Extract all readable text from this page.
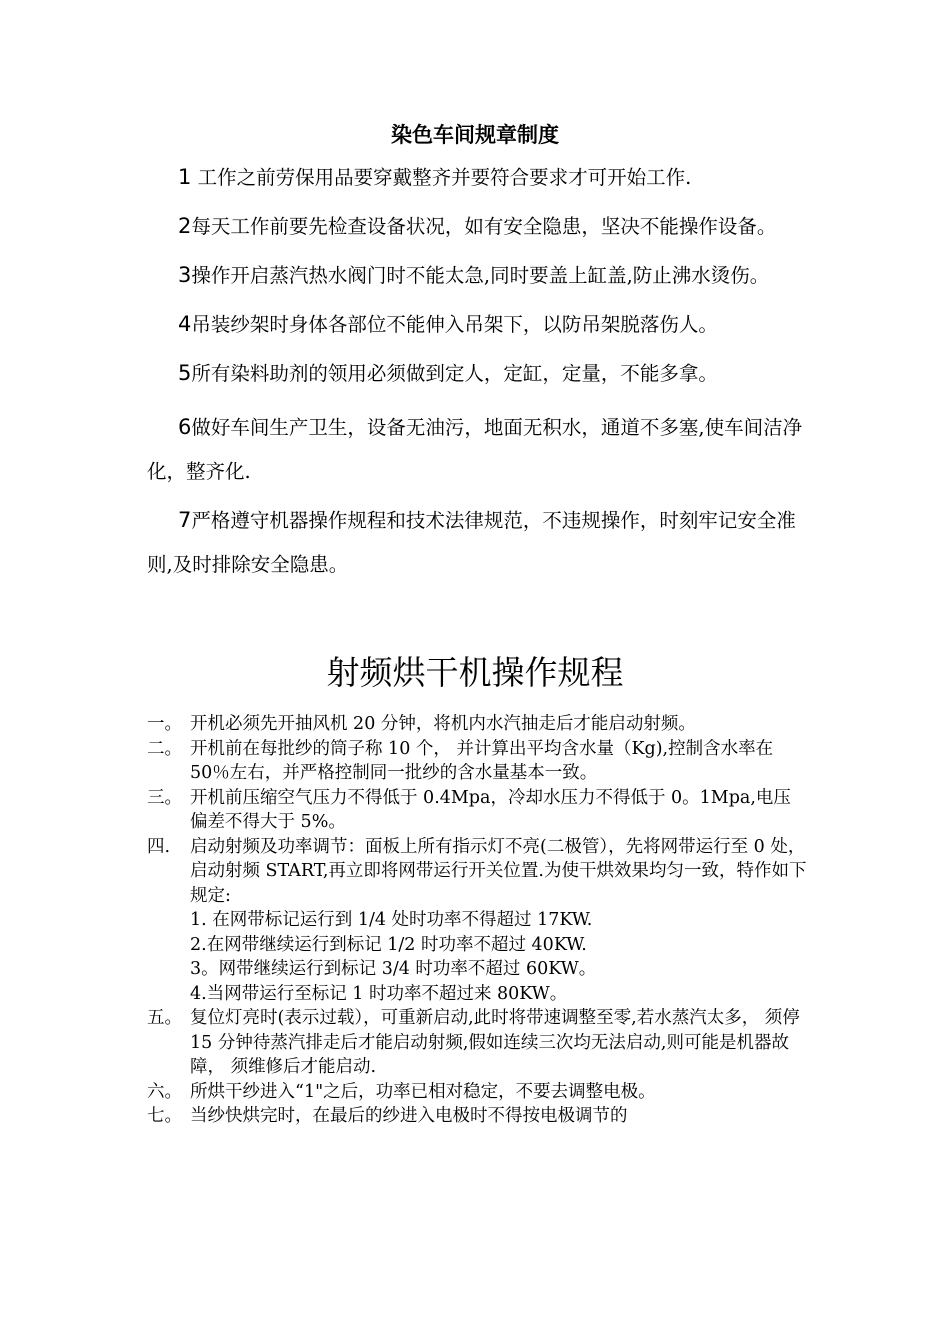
染色车间规章制度

1 工作之前劳保用品要穿戴整齐并要符合要求才可开始工作.

2每天工作前要先检查设备状况，如有安全隐患，坚决不能操作设备。

3操作开启蒸汽热水阀门时不能太急,同时要盖上缸盖,防止沸水烫伤。

4吊装纱架时身体各部位不能伸入吊架下，以防吊架脱落伤人。

5所有染料助剂的领用必须做到定人，定缸，定量，不能多拿。

6做好车间生产卫生，设备无油污，地面无积水，通道不多塞,使车间洁净化，整齐化.

7严格遵守机器操作规程和技术法律规范，不违规操作，时刻牢记安全准则,及时排除安全隐患。

射频烘干机操作规程

一。 开机必须先开抽风机 20 分钟，将机内水汽抽走后才能启动射频。

二。 开机前在每批纱的筒子称 10 个， 并计算出平均含水量（Kg),控制含水率在 50％左右，并严格控制同一批纱的含水量基本一致。

三。 开机前压缩空气压力不得低于 0.4Mpa，冷却水压力不得低于 0。1Mpa,电压偏差不得大于 5%。

四.	启动射频及功率调节：面板上所有指示灯不亮(二极管），先将网带运行至 0 处， 启动射频 START,再立即将网带运行开关位置.为使干烘效果均匀一致，特作如下规定:

1. 在网带标记运行到 1/4 处时功率不得超过 17KW.

2.在网带继续运行到标记 1/2 时功率不超过 40KW.

3。网带继续运行到标记 3/4 时功率不超过 60KW。

4.当网带运行至标记 1 时功率不超过来 80KW。

五。 复位灯亮时(表示过载），可重新启动,此时将带速调整至零,若水蒸汽太多， 须停 15 分钟待蒸汽排走后才能启动射频,假如连续三次均无法启动,则可能是机器故障， 须维修后才能启动.

六。 所烘干纱进入“1"之后，功率已相对稳定，不要去调整电极。

七。 当纱快烘完时，在最后的纱进入电极时不得按电极调节的
